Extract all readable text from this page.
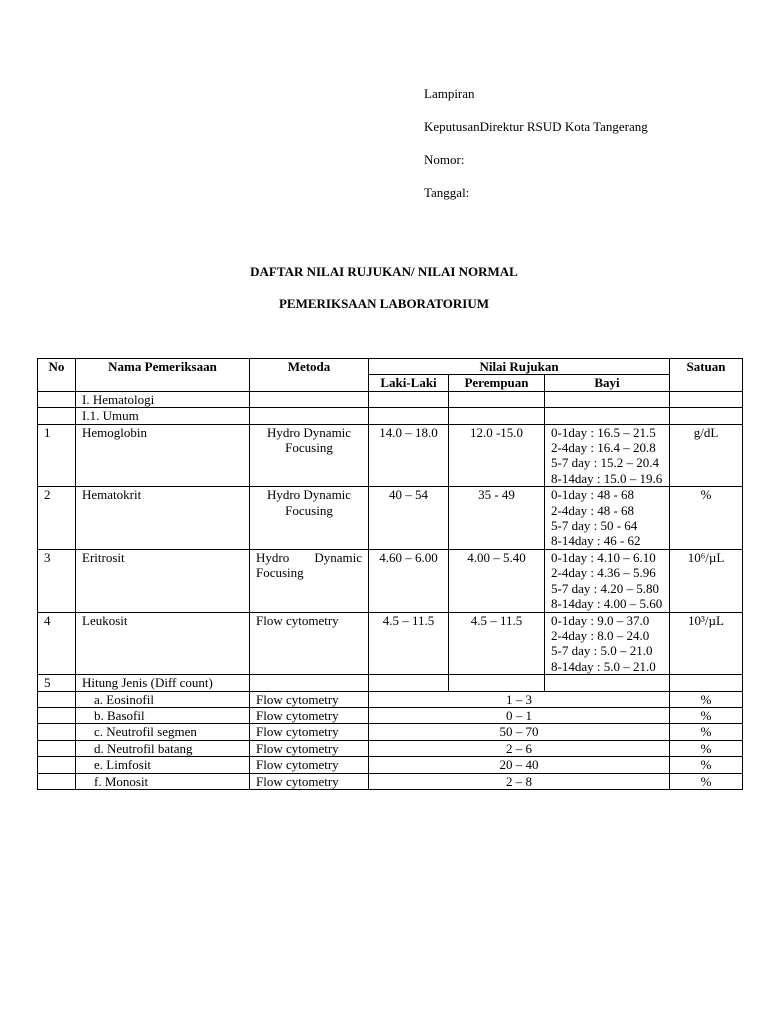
Lampiran

KeputusanDirektur RSUD Kota Tangerang

Nomor:

Tanggal:

DAFTAR NILAI RUJUKAN/ NILAI NORMAL
PEMERIKSAAN LABORATORIUM
No	Nama Pemeriksaan	Metoda	Nilai Rujukan			Satuan
			Laki-Laki	Perempuan	Bayi	
	I. Hematologi					
	I.1. Umum					
1	Hemoglobin	Hydro Dynamic Focusing	14.0 – 18.0	12.0 -15.0	0-1day : 16.5 – 21.5
2-4day : 16.4 – 20.8
5-7 day : 15.2 – 20.4
8-14day : 15.0 – 19.6	g/dL
2	Hematokrit	Hydro Dynamic Focusing	40 – 54	35 - 49	0-1day : 48 - 68
2-4day : 48 - 68
5-7 day : 50 - 64
8-14day : 46 - 62	%
3	Eritrosit	Hydro Dynamic Focusing	4.60 – 6.00	4.00 – 5.40	0-1day : 4.10 – 6.10
2-4day : 4.36 – 5.96
5-7 day : 4.20 – 5.80
8-14day : 4.00 – 5.60	10⁶/µL
4	Leukosit	Flow cytometry	4.5 – 11.5	4.5 – 11.5	0-1day : 9.0 – 37.0
2-4day : 8.0 – 24.0
5-7 day : 5.0 – 21.0
8-14day : 5.0 – 21.0	10³/µL
5	Hitung Jenis (Diff count)					
	a. Eosinofil	Flow cytometry	1 – 3			%
	b. Basofil	Flow cytometry	0 – 1			%
	c. Neutrofil segmen	Flow cytometry	50 – 70			%
	d. Neutrofil batang	Flow cytometry	2 – 6			%
	e. Limfosit	Flow cytometry	20 – 40			%
	f. Monosit	Flow cytometry	2 – 8			%
